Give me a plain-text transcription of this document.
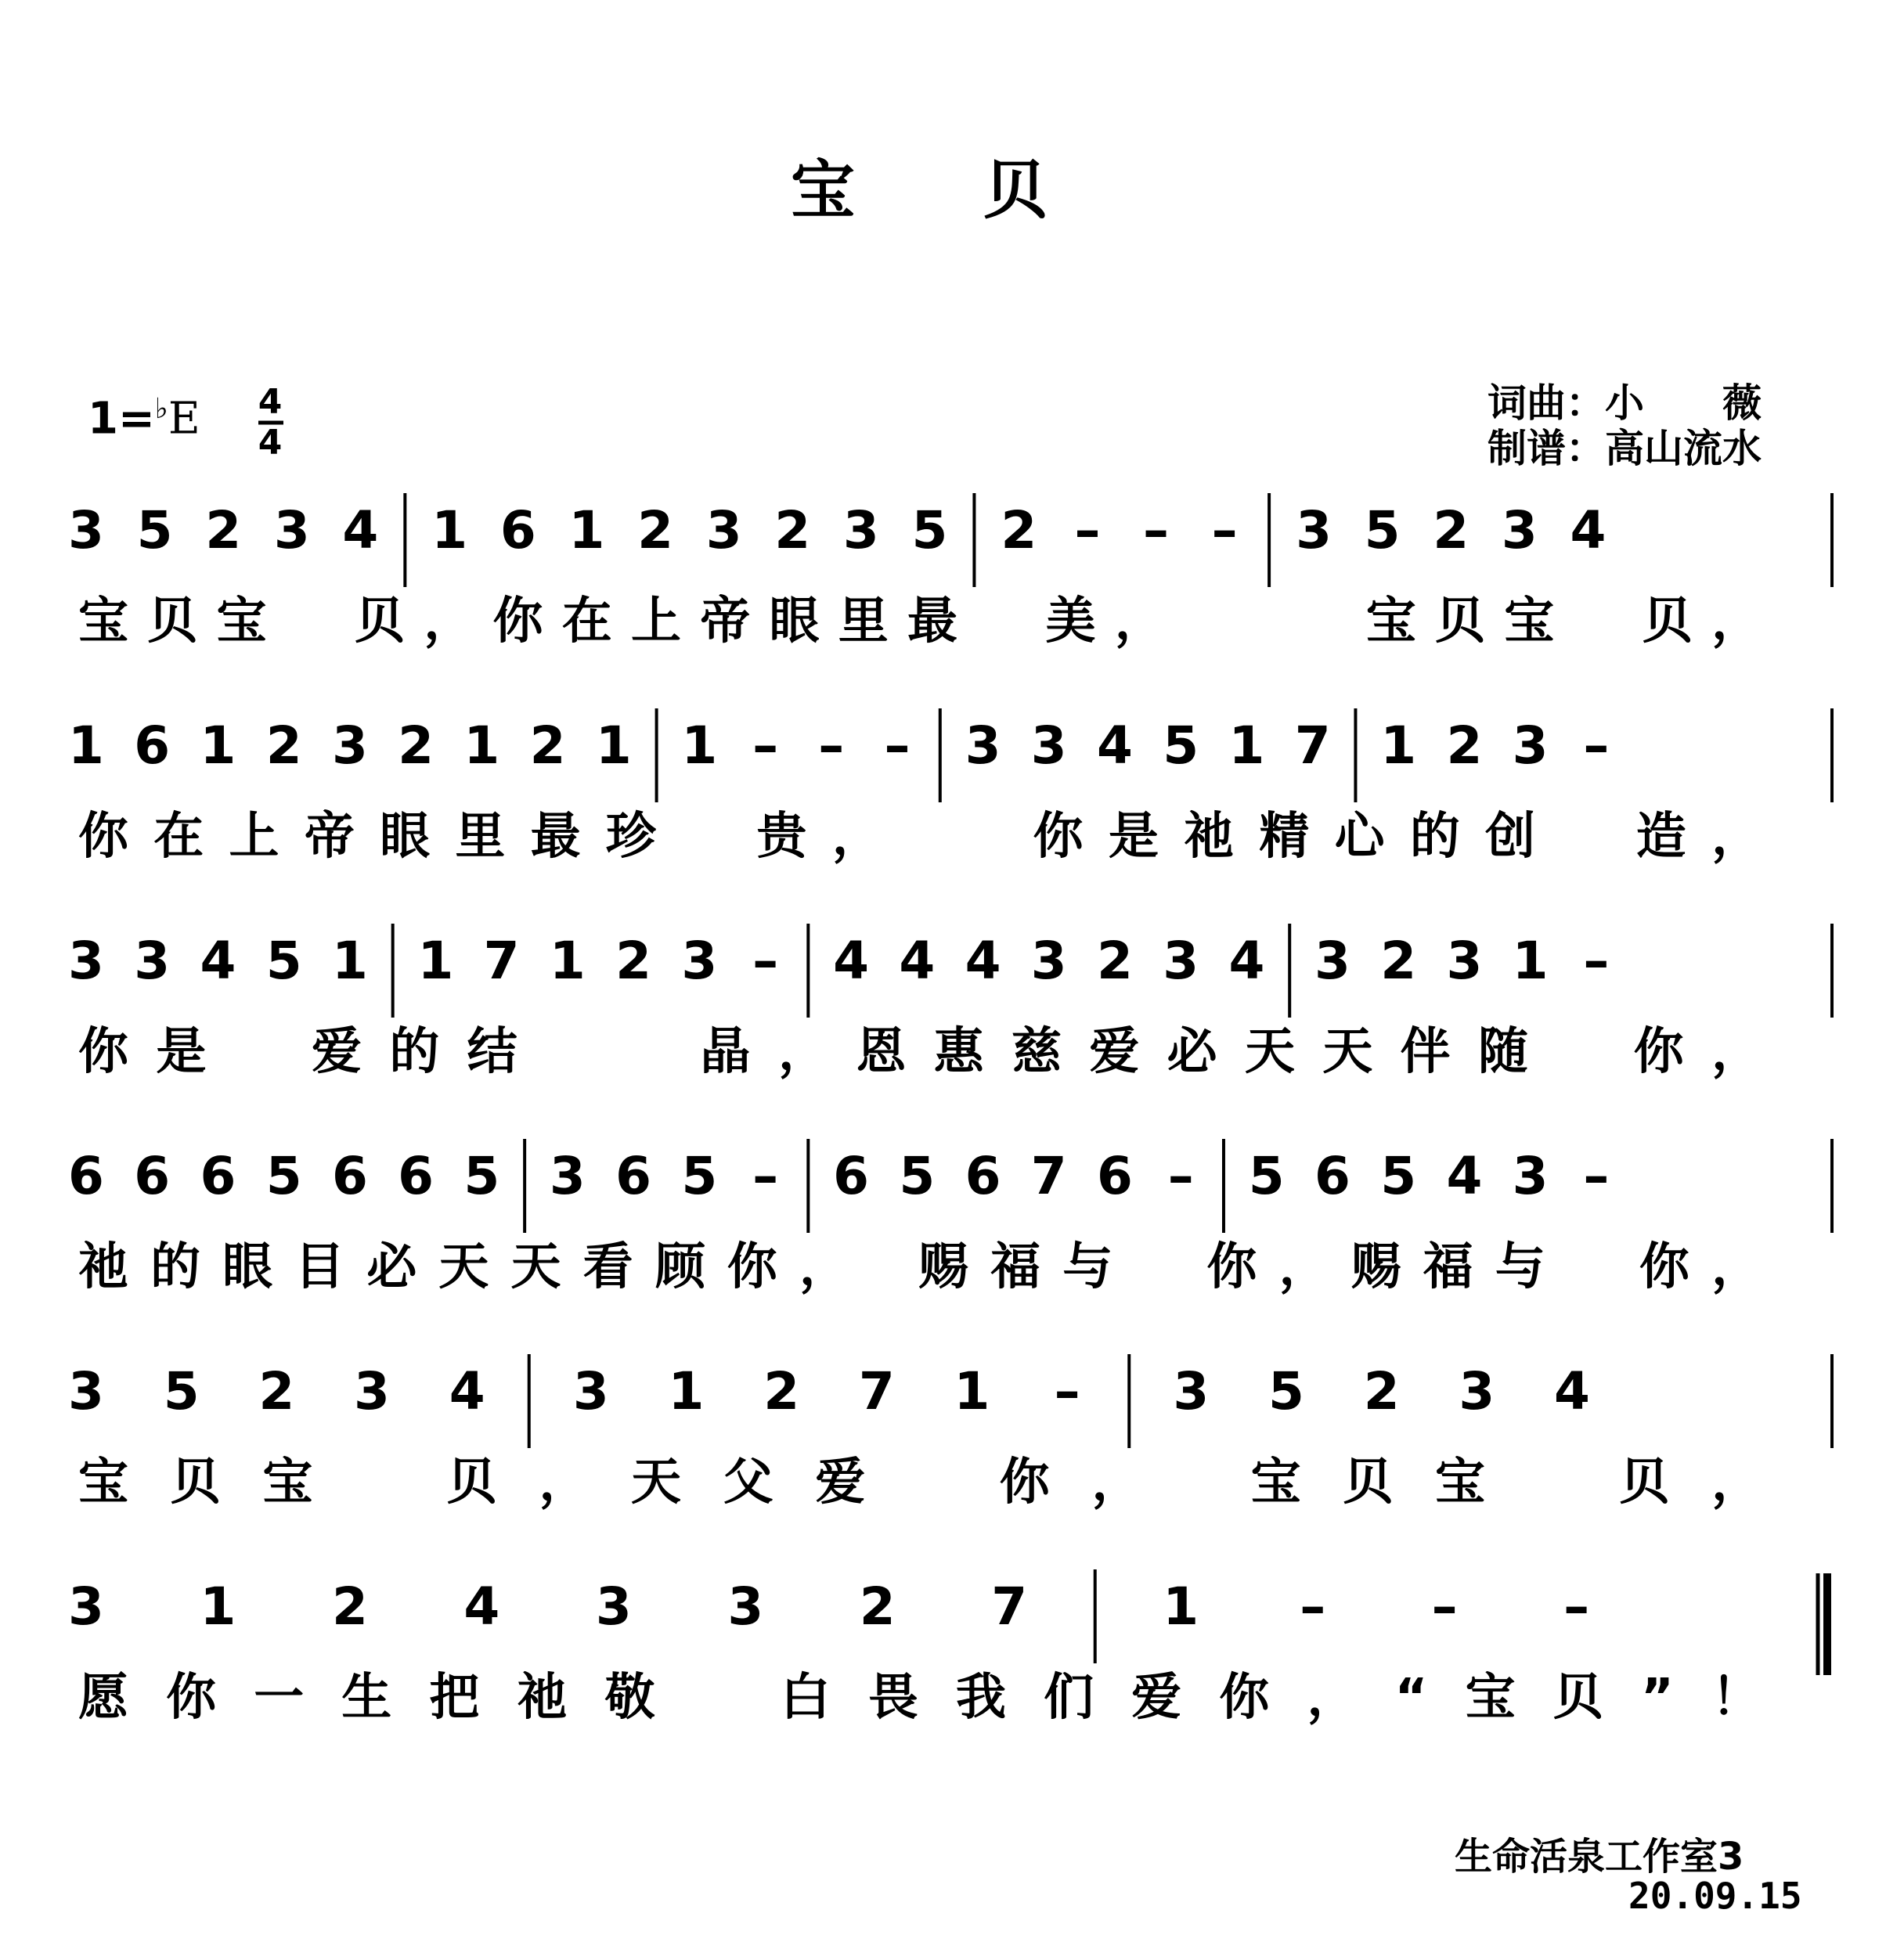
宝　　贝
词曲：小　　薇
制谱：高山流水
1=♭E 4
4
3 5 2 3 4 1 6 1 2 3 2 3 5 2 – – – 3 5 2 3 4
宝贝宝　贝，你在上帝眼里最　美，　　　宝贝宝　贝，
1 6 1 2 3 2 1 2 1 1 – – – 3 3 4 5 1 7 1 2 3 –
你在上帝眼里最珍　贵，　　你是祂精心的创　造，
3 3 4 5 1 1 7 1 2 3 – 4 4 4 3 2 3 4 3 2 3 1 –
你是　爱的结　　晶，恩惠慈爱必天天伴随　你，
6 6 6 5 6 6 5 3 6 5 – 6 5 6 7 6 – 5 6 5 4 3 –
祂的眼目必天天看顾你，　赐福与　你，赐福与　你，
3 5 2 3 4 3 1 2 7 1 – 3 5 2 3 4
宝贝宝　贝，天父爱　你，　宝贝宝　贝，
3 1 2 4 3 3 2 7	1 – – –
愿你一生把祂敬　白畏我们爱你，“宝贝”！
生命活泉工作室3
20.09.15
